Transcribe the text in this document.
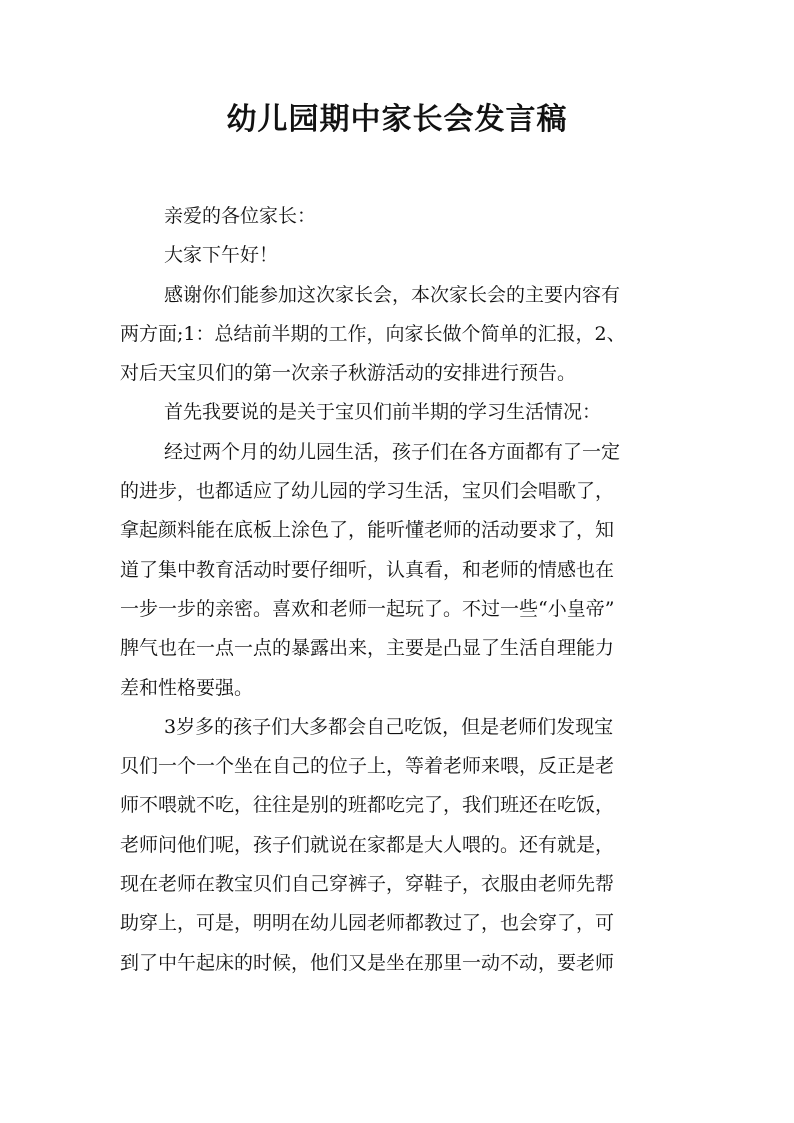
幼儿园期中家长会发言稿
亲爱的各位家长：
大家下午好！
感谢你们能参加这次家长会，本次家长会的主要内容有
两方面;1：总结前半期的工作，向家长做个简单的汇报，2、
对后天宝贝们的第一次亲子秋游活动的安排进行预告。
首先我要说的是关于宝贝们前半期的学习生活情况：
经过两个月的幼儿园生活，孩子们在各方面都有了一定
的进步，也都适应了幼儿园的学习生活，宝贝们会唱歌了，
拿起颜料能在底板上涂色了，能听懂老师的活动要求了，知
道了集中教育活动时要仔细听，认真看，和老师的情感也在
一步一步的亲密。喜欢和老师一起玩了。不过一些“小皇帝”
脾气也在一点一点的暴露出来，主要是凸显了生活自理能力
差和性格要强。
3岁多的孩子们大多都会自己吃饭，但是老师们发现宝
贝们一个一个坐在自己的位子上，等着老师来喂，反正是老
师不喂就不吃，往往是别的班都吃完了，我们班还在吃饭，
老师问他们呢，孩子们就说在家都是大人喂的。还有就是，
现在老师在教宝贝们自己穿裤子，穿鞋子，衣服由老师先帮
助穿上，可是，明明在幼儿园老师都教过了，也会穿了，可
到了中午起床的时候，他们又是坐在那里一动不动，要老师
